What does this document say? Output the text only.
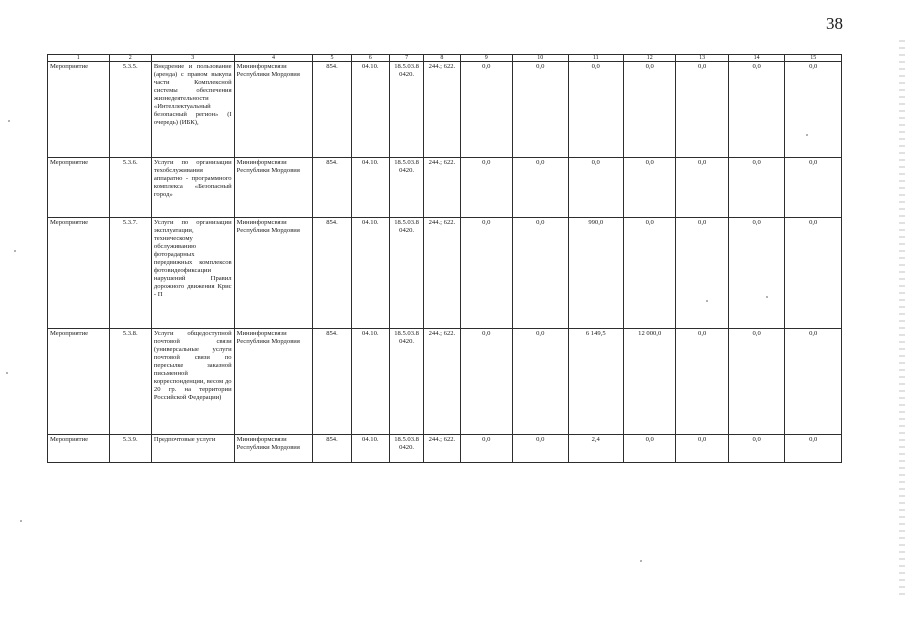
38
1	2	3	4	5	6	7	8	9	10	11	12	13	14	15
Мероприятие	5.3.5.	Внедрение и пользование (аренда) с правом выкупа части Комплексной системы обеспечения жизнедеятельности «Интеллектуальный безопасный регион» (I очередь) (ИБК),	Мининформсвязи Республики Мордовия	854.	04.10.	18.5.03.8 0420.	244.; 622.	0,0	0,0	0,0	0,0	0,0	0,0	0,0
Мероприятие	5.3.6.	Услуги по организации техобслуживания аппаратно - программного комплекса «Безопасный город»	Мининформсвязи Республики Мордовия	854.	04.10.	18.5.03.8 0420.	244.; 622.	0,0	0,0	0,0	0,0	0,0	0,0	0,0
Мероприятие	5.3.7.	Услуги по организации эксплуатации, техническому обслуживанию фоторадарных передвижных комплексов фотовидеофиксации нарушений Правил дорожного движения Крис - П	Мининформсвязи Республики Мордовия	854.	04.10.	18.5.03.8 0420.	244.; 622.	0,0	0,0	990,0	0,0	0,0	0,0	0,0
Мероприятие	5.3.8.	Услуги общедоступной почтовой связи (универсальные услуги почтовой связи по пересылке заказной письменной корреспонденции, весом до 20 гр. на территории Российской Федерации)	Мининформсвязи Республики Мордовия	854.	04.10.	18.5.03.8 0420.	244.; 622.	0,0	0,0	6 149,5	12 000,0	0,0	0,0	0,0
Мероприятие	5.3.9.	Предпочтовые услуги	Мининформсвязи Республики Мордовия	854.	04.10.	18.5.03.8 0420.	244.; 622.	0,0	0,0	2,4	0,0	0,0	0,0	0,0
